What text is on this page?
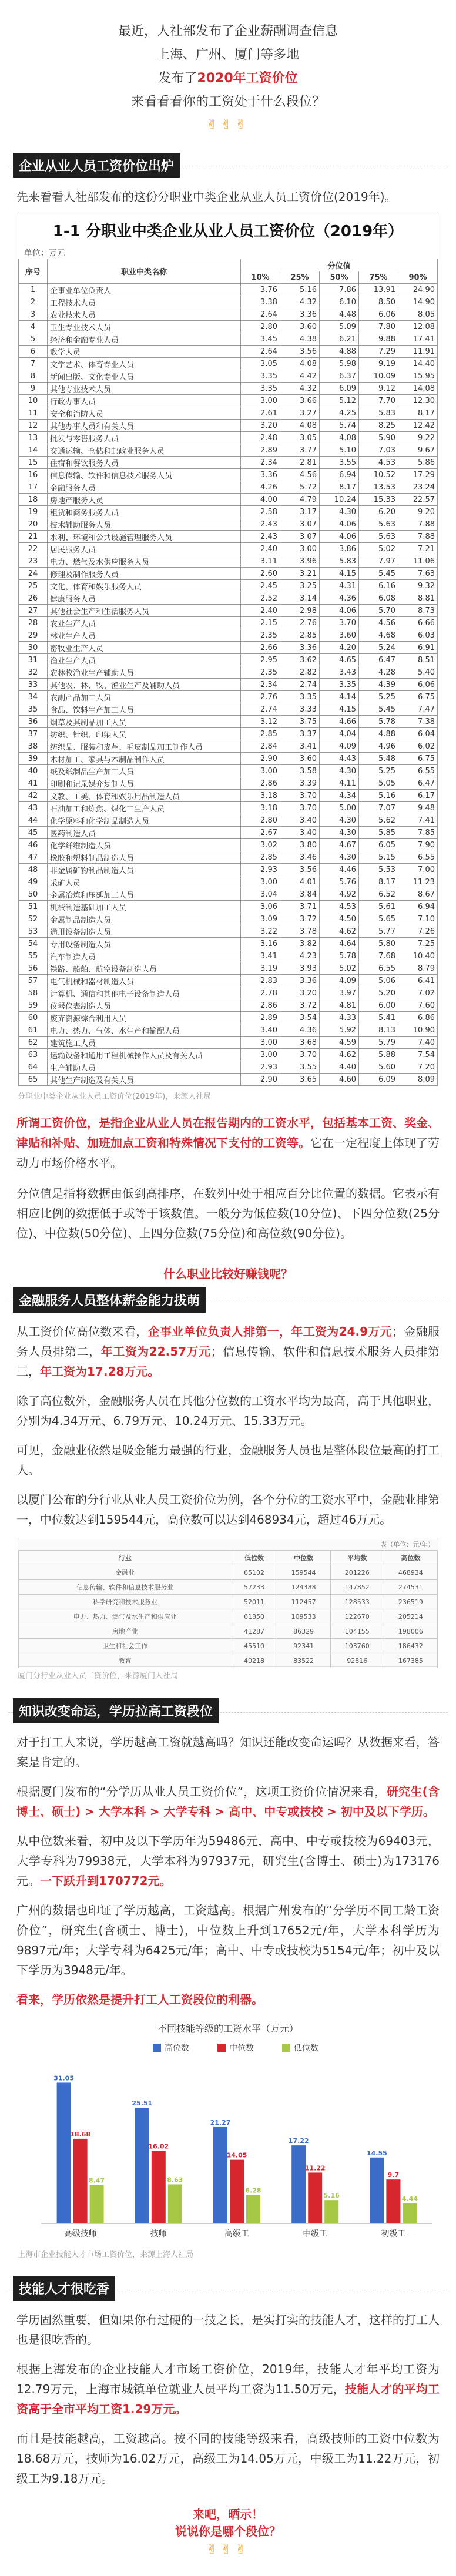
最近，人社部发布了企业薪酬调查信息
上海、广州、厦门等多地
发布了2020年工资价位
来看看看你的工资处于什么段位？
✌✌✌
企业从业人员工资价位出炉

先来看看人社部发布的这份分职业中类企业从业人员工资价位(2019年)。

1-1 分职业中类企业从业人员工资价位（2019年）
单位：万元
序号	职业中类名称	分位值				
		10%	25%	50%	75%	90%
1	企事业单位负责人	3.76	5.16	7.86	13.91	24.90
2	工程技术人员	3.38	4.32	6.10	8.50	14.90
3	农业技术人员	2.64	3.36	4.48	6.06	8.05
4	卫生专业技术人员	2.80	3.60	5.09	7.80	12.08
5	经济和金融专业人员	3.45	4.38	6.21	9.88	17.41
6	教学人员	2.64	3.56	4.88	7.29	11.91
7	文学艺术、体育专业人员	3.05	4.08	5.98	9.19	14.40
8	新闻出版、文化专业人员	3.35	4.42	6.37	10.09	15.95
9	其他专业技术人员	3.35	4.32	6.09	9.12	14.08
10	行政办事人员	3.00	3.66	5.12	7.70	12.30
11	安全和消防人员	2.61	3.27	4.25	5.83	8.17
12	其他办事人员和有关人员	3.20	4.08	5.74	8.25	12.42
13	批发与零售服务人员	2.48	3.05	4.08	5.90	9.22
14	交通运输、仓储和邮政业服务人员	2.89	3.77	5.10	7.03	9.67
15	住宿和餐饮服务人员	2.34	2.81	3.55	4.53	5.86
16	信息传输、软件和信息技术服务人员	3.36	4.56	6.94	10.52	17.29
17	金融服务人员	4.26	5.72	8.17	13.53	23.24
18	房地产服务人员	4.00	4.79	10.24	15.33	22.57
19	租赁和商务服务人员	2.58	3.17	4.30	6.20	9.20
20	技术辅助服务人员	2.43	3.07	4.06	5.63	7.88
21	水利、环境和公共设施管理服务人员	2.43	3.07	4.06	5.63	7.88
22	居民服务人员	2.40	3.00	3.86	5.02	7.21
23	电力、燃气及水供应服务人员	3.11	3.96	5.83	7.97	11.06
24	修理及制作服务人员	2.60	3.21	4.15	5.45	7.63
25	文化、体育和娱乐服务人员	2.45	3.25	4.31	6.16	9.32
26	健康服务人员	2.52	3.14	4.36	6.08	8.81
27	其他社会生产和生活服务人员	2.40	2.98	4.06	5.70	8.73
28	农业生产人员	2.15	2.76	3.70	4.56	6.66
29	林业生产人员	2.35	2.85	3.60	4.68	6.03
30	畜牧业生产人员	2.66	3.36	4.20	5.24	6.91
31	渔业生产人员	2.95	3.62	4.65	6.47	8.51
32	农林牧渔业生产辅助人员	2.35	2.82	3.43	4.28	5.40
33	其他农、林、牧、渔业生产及辅助人员	2.34	2.74	3.35	4.39	6.06
34	农副产品加工人员	2.76	3.35	4.14	5.25	6.75
35	食品、饮料生产加工人员	2.74	3.33	4.15	5.45	7.47
36	烟草及其制品加工人员	3.12	3.75	4.66	5.78	7.38
37	纺织、针织、印染人员	2.85	3.37	4.04	4.88	6.04
38	纺织品、服装和皮革、毛皮制品加工制作人员	2.84	3.41	4.09	4.96	6.02
39	木材加工、家具与木制品制作人员	2.90	3.60	4.43	5.48	6.75
40	纸及纸制品生产加工人员	3.00	3.58	4.30	5.25	6.55
41	印刷和记录媒介复制人员	2.86	3.39	4.11	5.05	6.47
42	文教、工美、体育和娱乐用品制造人员	3.18	3.70	4.34	5.16	6.17
43	石油加工和炼焦、煤化工生产人员	3.18	3.70	5.00	7.07	9.48
44	化学原料和化学制品制造人员	2.80	3.40	4.30	5.62	7.41
45	医药制造人员	2.67	3.40	4.30	5.85	7.85
46	化学纤维制造人员	3.02	3.80	4.67	6.05	7.90
47	橡胶和塑料制品制造人员	2.85	3.46	4.30	5.15	6.55
48	非金属矿物制品制造人员	2.93	3.56	4.46	5.53	7.00
49	采矿人员	3.00	4.01	5.76	8.17	11.23
50	金属冶炼和压延加工人员	3.04	3.84	4.92	6.52	8.67
51	机械制造基础加工人员	3.06	3.71	4.53	5.61	6.94
52	金属制品制造人员	3.09	3.72	4.50	5.65	7.10
53	通用设备制造人员	3.22	3.78	4.62	5.77	7.26
54	专用设备制造人员	3.16	3.82	4.64	5.80	7.25
55	汽车制造人员	3.41	4.23	5.78	7.68	10.40
56	铁路、船舶、航空设备制造人员	3.19	3.93	5.02	6.55	8.79
57	电气机械和器材制造人员	2.83	3.36	4.09	5.06	6.41
58	计算机、通信和其他电子设备制造人员	2.78	3.20	3.97	5.20	7.02
59	仪器仪表制造人员	2.86	3.72	4.81	6.00	7.60
60	废弃资源综合利用人员	2.89	3.54	4.33	5.41	6.86
61	电力、热力、气体、水生产和输配人员	3.40	4.36	5.92	8.13	10.90
62	建筑施工人员	3.00	3.68	4.59	5.79	7.40
63	运输设备和通用工程机械操作人员及有关人员	3.00	3.70	4.62	5.88	7.54
64	生产辅助人员	2.93	3.55	4.40	5.60	7.20
65	其他生产制造及有关人员	2.90	3.65	4.60	6.09	8.09
分职业中类企业从业人员工资价位(2019年)，来源人社局

所谓工资价位，是指企业从业人员在报告期内的工资水平，包括基本工资、奖金、津贴和补贴、加班加点工资和特殊情况下支付的工资等。它在一定程度上体现了劳动力市场价格水平。

分位值是指将数据由低到高排序，在数列中处于相应百分比位置的数据。它表示有相应比例的数据低于或等于该数值。一般分为低位数(10分位)、下四分位数(25分位)、中位数(50分位)、上四分位数(75分位)和高位数(90分位)。

什么职业比较好赚钱呢？
金融服务人员整体薪金能力拔萌

从工资价位高位数来看，企事业单位负责人排第一，年工资为24.9万元；金融服务人员排第二，年工资为22.57万元；信息传输、软件和信息技术服务人员排第三，年工资为17.28万元。

除了高位数外，金融服务人员在其他分位数的工资水平均为最高，高于其他职业，分别为4.34万元、6.79万元、10.24万元、15.33万元。

可见，金融业依然是吸金能力最强的行业，金融服务人员也是整体段位最高的打工人。

以厦门公布的分行业从业人员工资价位为例，各个分位的工资水平中，金融业排第一，中位数达到159544元，高位数可以达到468934元，超过46万元。

表（单位：元/年）
行业	低位数	中位数	平均数	高位数
金融业	65102	159544	201226	468934
信息传输、软件和信息技术服务业	57233	124388	147852	274531
科学研究和技术服务业	52011	112457	128533	236519
电力、热力、燃气及水生产和供应业	61850	109533	122670	205214
房地产业	41287	86329	104155	198006
卫生和社会工作	45510	92341	103760	186432
教育	40218	83522	92816	167385
厦门分行业从业人员工资价位，来源厦门人社局
知识改变命运，学历拉高工资段位

对于打工人来说，学历越高工资就越高吗？知识还能改变命运吗？从数据来看，答案是肯定的。

根据厦门发布的“分学历从业人员工资价位”，这项工资价位情况来看，研究生(含博士、硕士) > 大学本科 > 大学专科 > 高中、中专或技校 > 初中及以下学历。

从中位数来看，初中及以下学历年为59486元，高中、中专或技校为69403元，大学专科为79938元，大学本科为97937元，研究生(含博士、硕士)为173176元。一下跃升到170772元。

广州的数据也印证了学历越高，工资越高。根据广州发布的“分学历不同工龄工资价位”，研究生(含硕士、博士)，中位数上升到17652元/年，大学本科学历为9897元/年；大学专科为6425元/年；高中、中专或技校为5154元/年；初中及以下学历为3948元/年。

看来，学历依然是提升打工人工资段位的利器。

不同技能等级的工资水平（万元）
高位数	中位数	低位数
31.05
18.68
8.47
高级技师
25.51
16.02
8.63
技师
21.27
14.05
6.28
高级工
17.22
11.22
5.16
中级工
14.55
9.7
4.44
初级工
上海市企业技能人才市场工资价位，来源上海人社局
技能人才很吃香

学历固然重要，但如果你有过硬的一技之长，是实打实的技能人才，这样的打工人也是很吃香的。

根据上海发布的企业技能人才市场工资价位，2019年，技能人才年平均工资为12.79万元，上海市城镇单位就业人员平均工资为11.50万元，技能人才的平均工资高于全市平均工资1.29万元。

而且是技能越高，工资越高。按不同的技能等级来看，高级技师的工资中位数为18.68万元，技师为16.02万元，高级工为14.05万元，中级工为11.22万元，初级工为9.18万元。

来吧，晒示！
说说你是哪个段位？
✌✌✌
